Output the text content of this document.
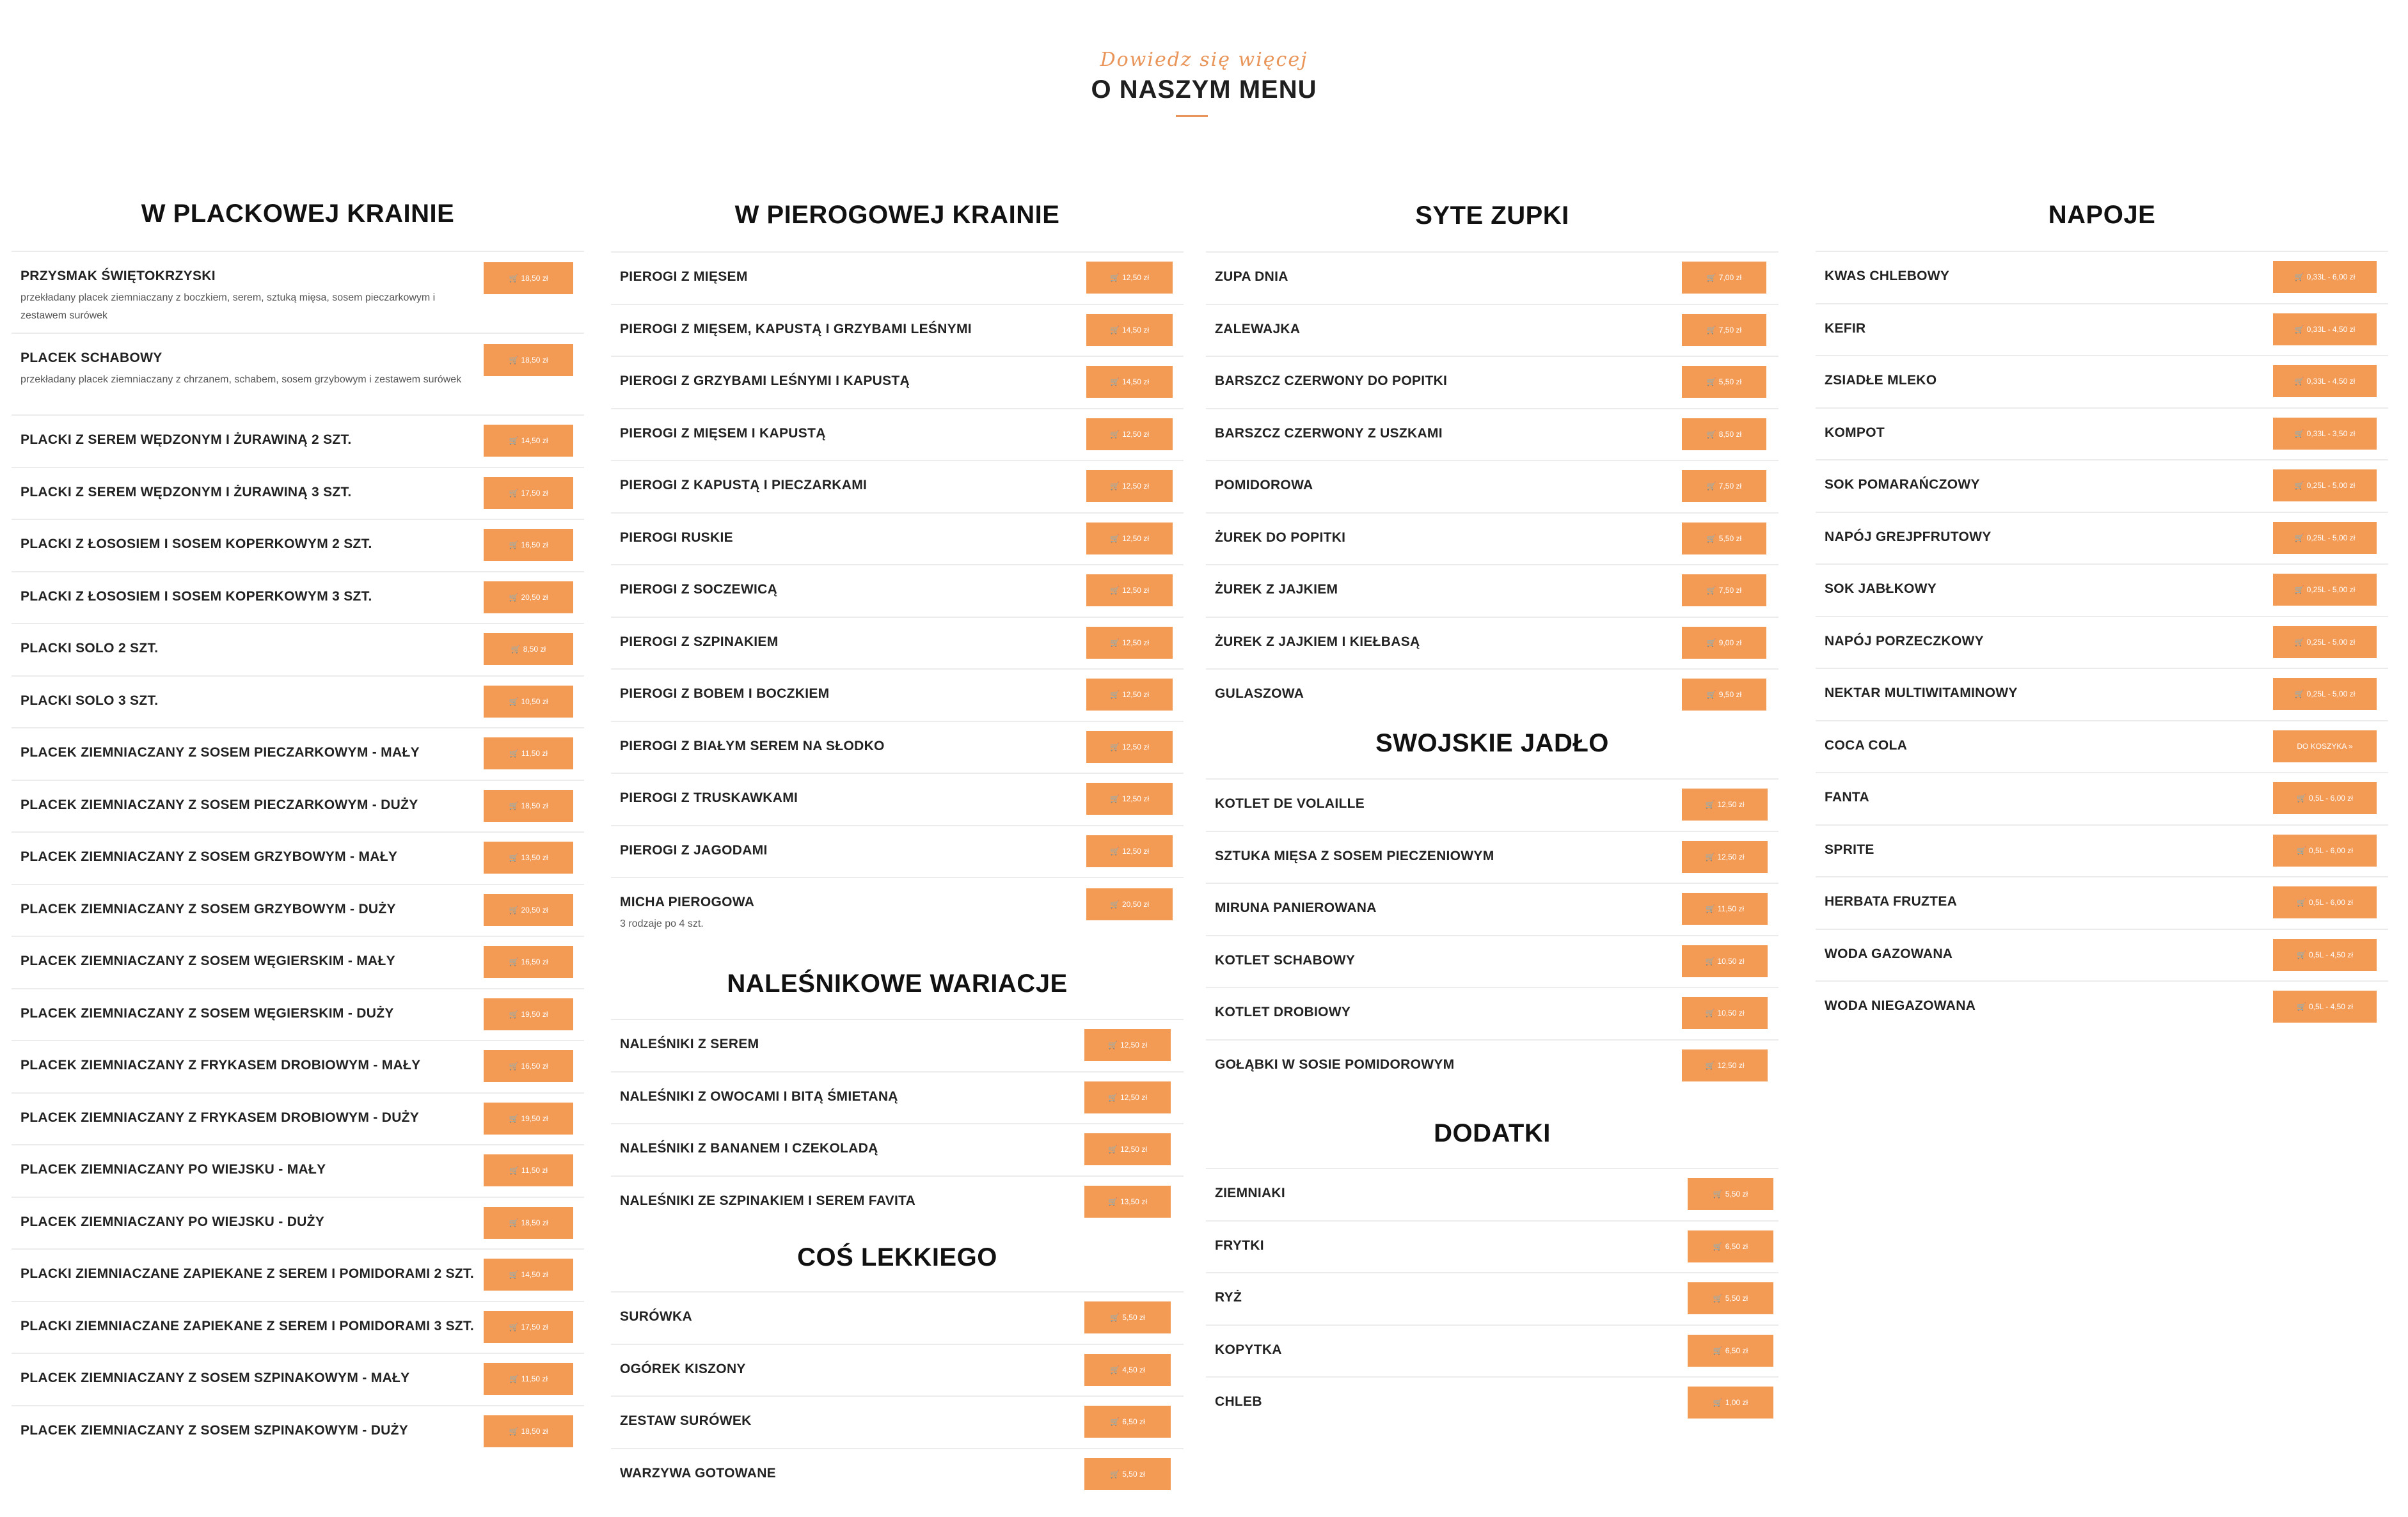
Dowiedz się więcej
O NASZYM MENU
W PLACKOWEJ KRAINIE
PRZYSMAK ŚWIĘTOKRZYSKI
przekładany placek ziemniaczany z boczkiem, serem, sztuką mięsa, sosem pieczarkowym i zestawem surówek
🛒 18,50 zł
PLACEK SCHABOWY
przekładany placek ziemniaczany z chrzanem, schabem, sosem grzybowym i zestawem surówek
🛒 18,50 zł
PLACKI Z SEREM WĘDZONYM I ŻURAWINĄ 2 SZT.	🛒 14,50 zł
PLACKI Z SEREM WĘDZONYM I ŻURAWINĄ 3 SZT.	🛒 17,50 zł
PLACKI Z ŁOSOSIEM I SOSEM KOPERKOWYM 2 SZT.	🛒 16,50 zł
PLACKI Z ŁOSOSIEM I SOSEM KOPERKOWYM 3 SZT.	🛒 20,50 zł
PLACKI SOLO 2 SZT.	🛒 8,50 zł
PLACKI SOLO 3 SZT.	🛒 10,50 zł
PLACEK ZIEMNIACZANY Z SOSEM PIECZARKOWYM - MAŁY	🛒 11,50 zł
PLACEK ZIEMNIACZANY Z SOSEM PIECZARKOWYM - DUŻY	🛒 18,50 zł
PLACEK ZIEMNIACZANY Z SOSEM GRZYBOWYM - MAŁY	🛒 13,50 zł
PLACEK ZIEMNIACZANY Z SOSEM GRZYBOWYM - DUŻY	🛒 20,50 zł
PLACEK ZIEMNIACZANY Z SOSEM WĘGIERSKIM - MAŁY	🛒 16,50 zł
PLACEK ZIEMNIACZANY Z SOSEM WĘGIERSKIM - DUŻY	🛒 19,50 zł
PLACEK ZIEMNIACZANY Z FRYKASEM DROBIOWYM - MAŁY	🛒 16,50 zł
PLACEK ZIEMNIACZANY Z FRYKASEM DROBIOWYM - DUŻY	🛒 19,50 zł
PLACEK ZIEMNIACZANY PO WIEJSKU - MAŁY	🛒 11,50 zł
PLACEK ZIEMNIACZANY PO WIEJSKU - DUŻY	🛒 18,50 zł
PLACKI ZIEMNIACZANE ZAPIEKANE Z SEREM I POMIDORAMI 2 SZT.	🛒 14,50 zł
PLACKI ZIEMNIACZANE ZAPIEKANE Z SEREM I POMIDORAMI 3 SZT.	🛒 17,50 zł
PLACEK ZIEMNIACZANY Z SOSEM SZPINAKOWYM - MAŁY	🛒 11,50 zł
PLACEK ZIEMNIACZANY Z SOSEM SZPINAKOWYM - DUŻY	🛒 18,50 zł
W PIEROGOWEJ KRAINIE
NALEŚNIKOWE WARIACJE
COŚ LEKKIEGO
PIEROGI Z MIĘSEM	🛒 12,50 zł
PIEROGI Z MIĘSEM, KAPUSTĄ I GRZYBAMI LEŚNYMI	🛒 14,50 zł
PIEROGI Z GRZYBAMI LEŚNYMI I KAPUSTĄ	🛒 14,50 zł
PIEROGI Z MIĘSEM I KAPUSTĄ	🛒 12,50 zł
PIEROGI Z KAPUSTĄ I PIECZARKAMI	🛒 12,50 zł
PIEROGI RUSKIE	🛒 12,50 zł
PIEROGI Z SOCZEWICĄ	🛒 12,50 zł
PIEROGI Z SZPINAKIEM	🛒 12,50 zł
PIEROGI Z BOBEM I BOCZKIEM	🛒 12,50 zł
PIEROGI Z BIAŁYM SEREM NA SŁODKO	🛒 12,50 zł
PIEROGI Z TRUSKAWKAMI	🛒 12,50 zł
PIEROGI Z JAGODAMI	🛒 12,50 zł
MICHA PIEROGOWA
3 rodzaje po 4 szt.
🛒 20,50 zł
NALEŚNIKI Z SEREM	🛒 12,50 zł
NALEŚNIKI Z OWOCAMI I BITĄ ŚMIETANĄ	🛒 12,50 zł
NALEŚNIKI Z BANANEM I CZEKOLADĄ	🛒 12,50 zł
NALEŚNIKI ZE SZPINAKIEM I SEREM FAVITA	🛒 13,50 zł
SURÓWKA	🛒 5,50 zł
OGÓREK KISZONY	🛒 4,50 zł
ZESTAW SURÓWEK	🛒 6,50 zł
WARZYWA GOTOWANE	🛒 5,50 zł
SYTE ZUPKI
SWOJSKIE JADŁO
DODATKI
ZUPA DNIA	🛒 7,00 zł
ZALEWAJKA	🛒 7,50 zł
BARSZCZ CZERWONY DO POPITKI	🛒 5,50 zł
BARSZCZ CZERWONY Z USZKAMI	🛒 8,50 zł
POMIDOROWA	🛒 7,50 zł
ŻUREK DO POPITKI	🛒 5,50 zł
ŻUREK Z JAJKIEM	🛒 7,50 zł
ŻUREK Z JAJKIEM I KIEŁBASĄ	🛒 9,00 zł
GULASZOWA	🛒 9,50 zł
KOTLET DE VOLAILLE	🛒 12,50 zł
SZTUKA MIĘSA Z SOSEM PIECZENIOWYM	🛒 12,50 zł
MIRUNA PANIEROWANA	🛒 11,50 zł
KOTLET SCHABOWY	🛒 10,50 zł
KOTLET DROBIOWY	🛒 10,50 zł
GOŁĄBKI W SOSIE POMIDOROWYM	🛒 12,50 zł
ZIEMNIAKI	🛒 5,50 zł
FRYTKI	🛒 6,50 zł
RYŻ	🛒 5,50 zł
KOPYTKA	🛒 6,50 zł
CHLEB	🛒 1,00 zł
NAPOJE
KWAS CHLEBOWY	🛒 0,33L - 6,00 zł
KEFIR	🛒 0,33L - 4,50 zł
ZSIADŁE MLEKO	🛒 0,33L - 4,50 zł
KOMPOT	🛒 0,33L - 3,50 zł
SOK POMARAŃCZOWY	🛒 0,25L - 5,00 zł
NAPÓJ GREJPFRUTOWY	🛒 0,25L - 5,00 zł
SOK JABŁKOWY	🛒 0,25L - 5,00 zł
NAPÓJ PORZECZKOWY	🛒 0,25L - 5,00 zł
NEKTAR MULTIWITAMINOWY	🛒 0,25L - 5,00 zł
COCA COLA	DO KOSZYKA »
FANTA	🛒 0,5L - 6,00 zł
SPRITE	🛒 0,5L - 6,00 zł
HERBATA FRUZTEA	🛒 0,5L - 6,00 zł
WODA GAZOWANA	🛒 0,5L - 4,50 zł
WODA NIEGAZOWANA	🛒 0,5L - 4,50 zł
